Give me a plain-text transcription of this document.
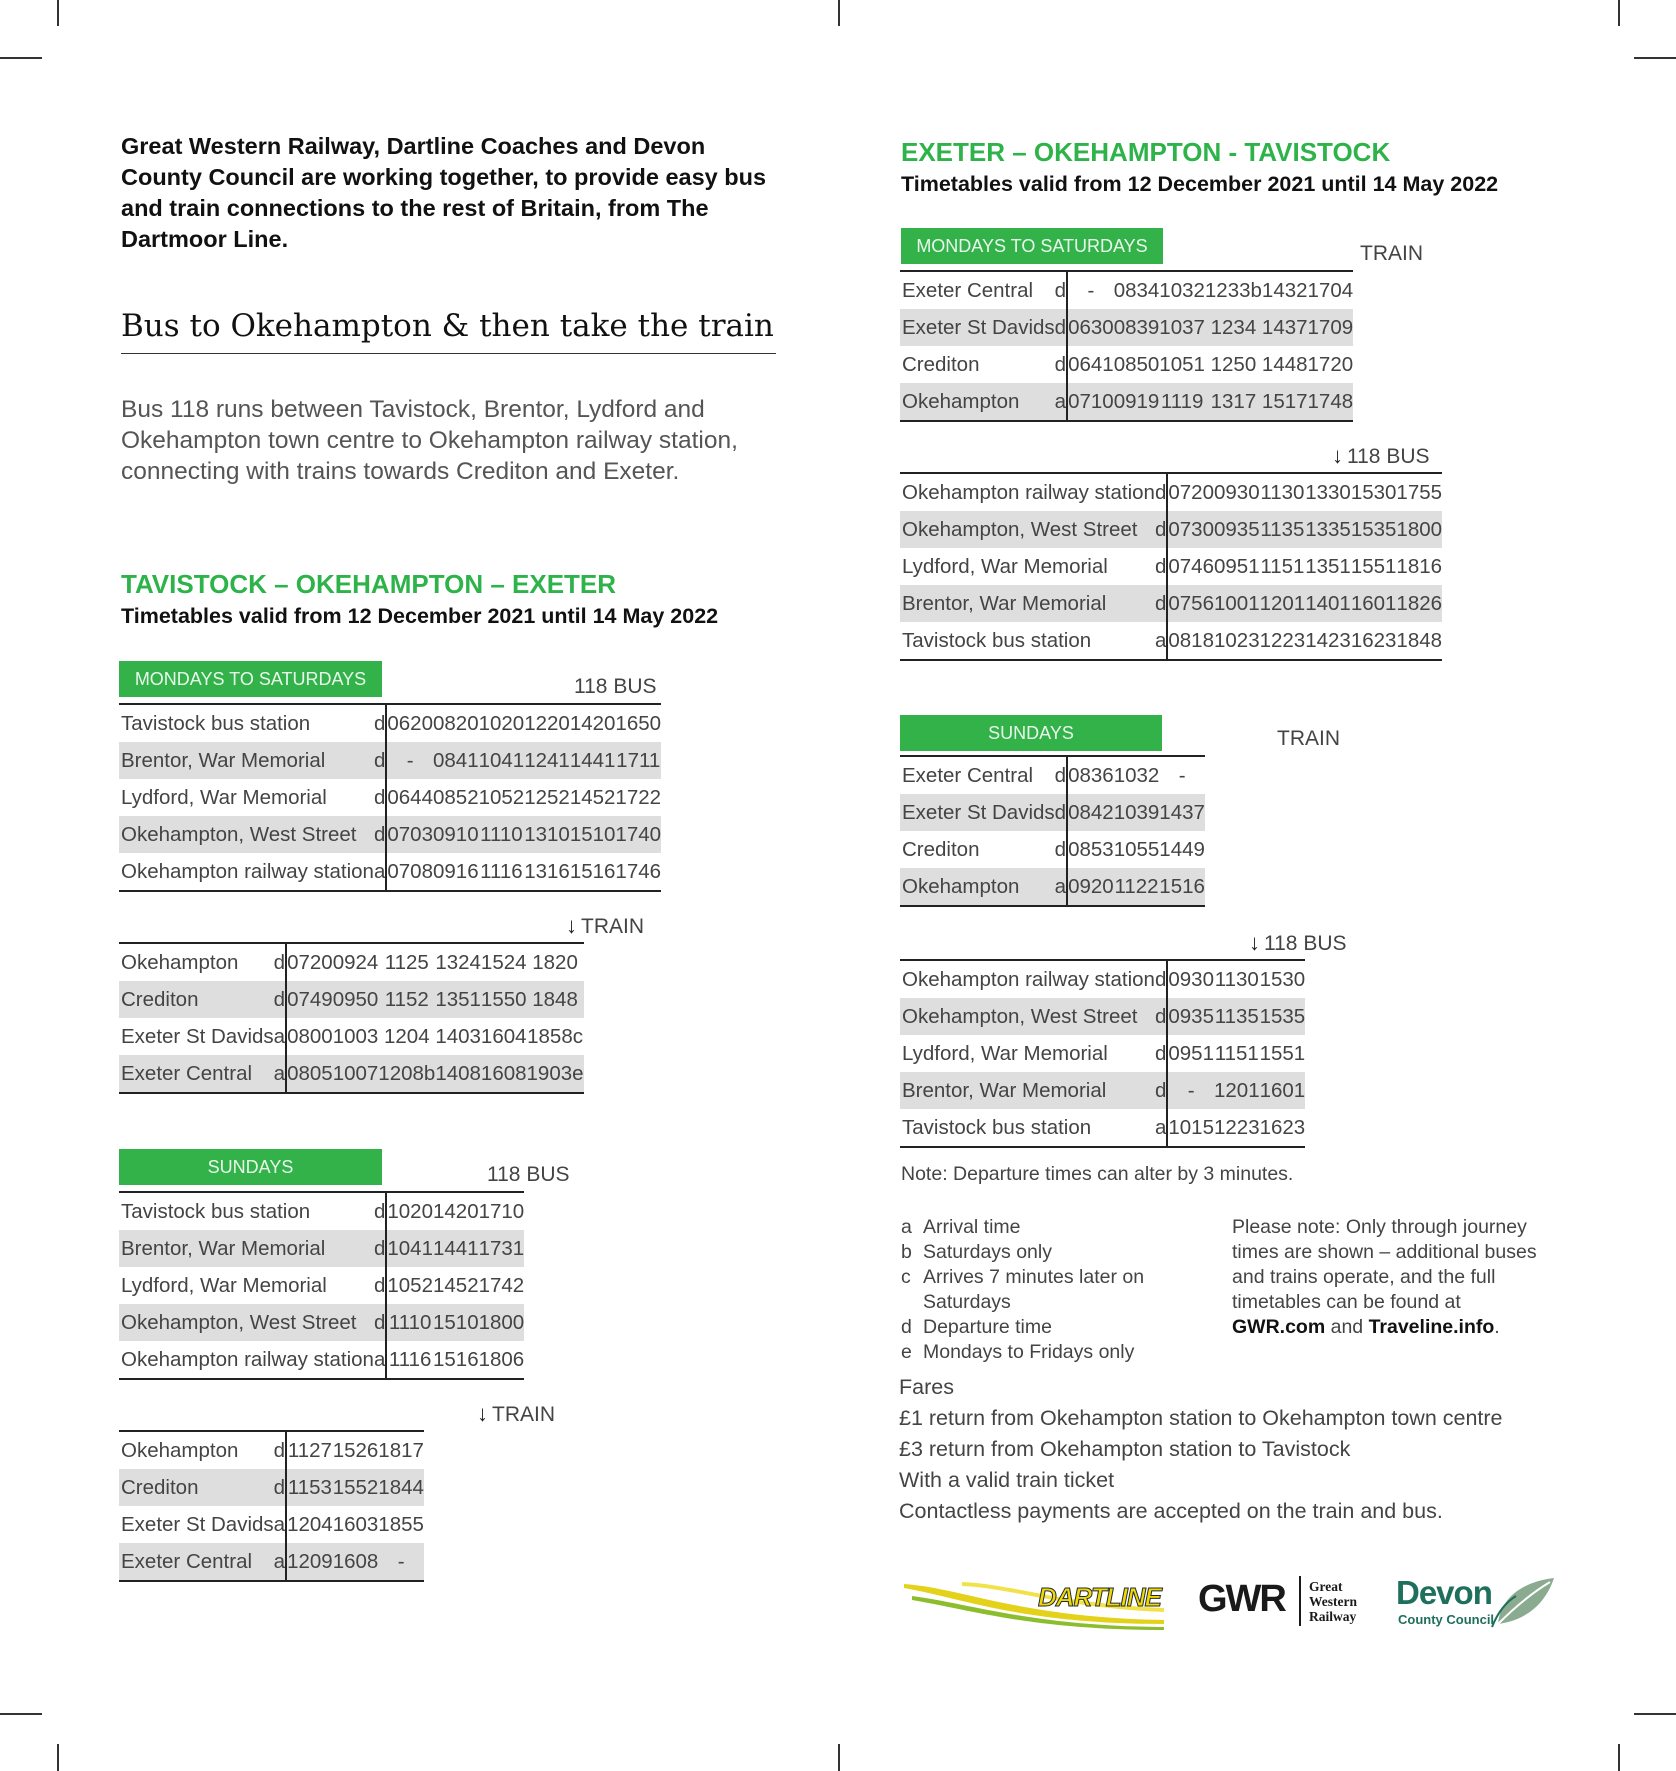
Great Western Railway, Dartline Coaches and Devon County Council are working together, to provide easy bus and train connections to the rest of Britain, from The Dartmoor Line.
Bus to Okehampton & then take the train
Bus 118 runs between Tavistock, Brentor, Lydford and Okehampton town centre to Okehampton railway station, connecting with trains towards Crediton and Exeter.
TAVISTOCK – OKEHAMPTON – EXETER
Timetables valid from 12 December 2021 until 14 May 2022
MONDAYS TO SATURDAYS	118 BUS
Tavistock bus station	d	0620	0820	1020	1220	1420	1650
Brentor, War Memorial	d	-	0841	1041	1241	1441	1711
Lydford, War Memorial	d	0644	0852	1052	1252	1452	1722
Okehampton, West Street	d	0703	0910	1110	1310	1510	1740
Okehampton railway station	a	0708	0916	1116	1316	1516	1746
↓ TRAIN
Okehampton	d	0720	0924	1125	1324	1524	1820
Crediton	d	0749	0950	1152	1351	1550	1848
Exeter St Davids	a	0800	1003	1204	1403	1604	1858c
Exeter Central	a	0805	1007	1208b	1408	1608	1903e
SUNDAYS	118 BUS
Tavistock bus station	d	1020	1420	1710
Brentor, War Memorial	d	1041	1441	1731
Lydford, War Memorial	d	1052	1452	1742
Okehampton, West Street	d	1110	1510	1800
Okehampton railway station	a	1116	1516	1806
↓ TRAIN
Okehampton	d	1127	1526	1817
Crediton	d	1153	1552	1844
Exeter St Davids	a	1204	1603	1855
Exeter Central	a	1209	1608	-
EXETER – OKEHAMPTON - TAVISTOCK
Timetables valid from 12 December 2021 until 14 May 2022
MONDAYS TO SATURDAYS	TRAIN
Exeter Central	d	-	0834	1032	1233b	1432	1704
Exeter St Davids	d	0630	0839	1037	1234	1437	1709
Crediton	d	0641	0850	1051	1250	1448	1720
Okehampton	a	0710	0919	1119	1317	1517	1748
↓ 118 BUS
Okehampton railway station	d	0720	0930	1130	1330	1530	1755
Okehampton, West Street	d	0730	0935	1135	1335	1535	1800
Lydford, War Memorial	d	0746	0951	1151	1351	1551	1816
Brentor, War Memorial	d	0756	1001	1201	1401	1601	1826
Tavistock bus station	a	0818	1023	1223	1423	1623	1848
SUNDAYS	TRAIN
Exeter Central	d	0836	1032	-
Exeter St Davids	d	0842	1039	1437
Crediton	d	0853	1055	1449
Okehampton	a	0920	1122	1516
↓ 118 BUS
Okehampton railway station	d	0930	1130	1530
Okehampton, West Street	d	0935	1135	1535
Lydford, War Memorial	d	0951	1151	1551
Brentor, War Memorial	d	-	1201	1601
Tavistock bus station	a	1015	1223	1623
Note: Departure times can alter by 3 minutes.
a Arrival time
b Saturdays only
c Arrives 7 minutes later on Saturdays
d Departure time
e Mondays to Fridays only
Please note: Only through journey times are shown – additional buses and trains operate, and the full timetables can be found at GWR.com and Traveline.info.
Fares
£1 return from Okehampton station to Okehampton town centre
£3 return from Okehampton station to Tavistock
With a valid train ticket
Contactless payments are accepted on the train and bus.
DARTLINE GWR Great
Western
Railway
Devon
County Council
